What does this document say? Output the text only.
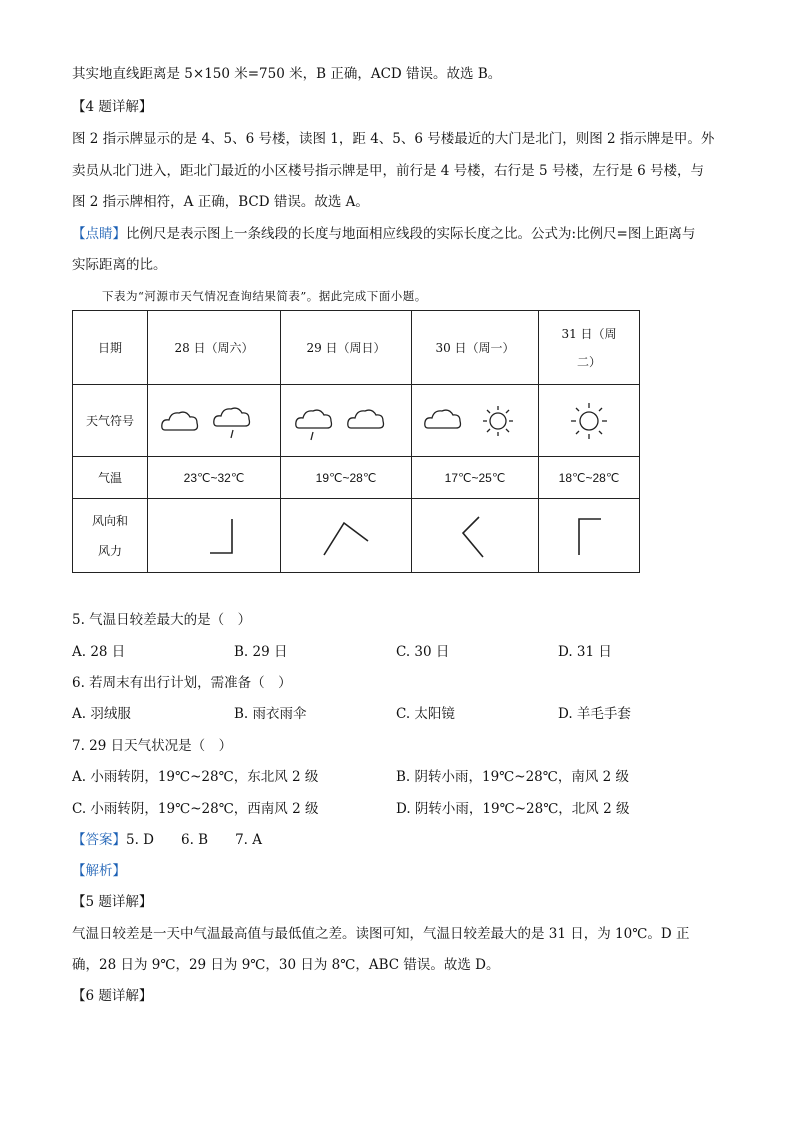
其实地直线距离是 5×150 米=750 米，B 正确，ACD 错误。故选 B。
【4 题详解】
图 2 指示牌显示的是 4、5、6 号楼，读图 1，距 4、5、6 号楼最近的大门是北门，则图 2 指示牌是甲。外
卖员从北门进入，距北门最近的小区楼号指示牌是甲，前行是 4 号楼，右行是 5 号楼，左行是 6 号楼，与
图 2 指示牌相符，A 正确，BCD 错误。故选 A。
【点睛】比例尺是表示图上一条线段的长度与地面相应线段的实际长度之比。公式为:比例尺=图上距离与
实际距离的比。
下表为“河源市天气情况查询结果简表”。据此完成下面小题。
日期	28 日（周六）	29 日（周日）	30 日（周一）	31 日（周
二）
天气符号	

气温	23℃~32℃	19℃~28℃	17℃~25℃	18℃~28℃
风向和
风力	

5. 气温日较差最大的是（　）
A. 28 日	B. 29 日	C. 30 日	D. 31 日
6. 若周末有出行计划，需准备（　）
A. 羽绒服	B. 雨衣雨伞	C. 太阳镜	D. 羊毛手套
7. 29 日天气状况是（　）
A. 小雨转阴，19℃~28℃，东北风 2 级	B. 阴转小雨，19℃~28℃，南风 2 级
C. 小雨转阴，19℃~28℃，西南风 2 级	D. 阴转小雨，19℃~28℃，北风 2 级
【答案】5. D　　6. B　　7. A
【解析】
【5 题详解】
气温日较差是一天中气温最高值与最低值之差。读图可知，气温日较差最大的是 31 日，为 10℃。D 正
确，28 日为 9℃，29 日为 9℃，30 日为 8℃，ABC 错误。故选 D。
【6 题详解】
